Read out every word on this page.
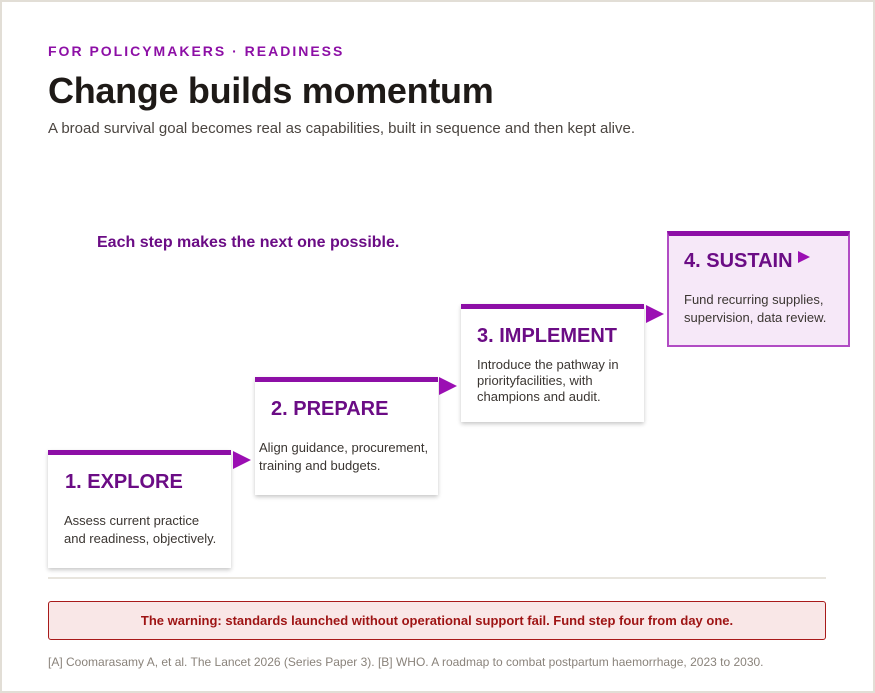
FOR POLICYMAKERS · READINESS
Change builds momentum
A broad survival goal becomes real as capabilities, built in sequence and then kept alive.
Each step makes the next one possible.
1. EXPLORE
Assess current practice
and readiness, objectively.
2. PREPARE
Align guidance, procurement,
training and budgets.
3. IMPLEMENT
Introduce the pathway in
priorityfacilities, with
champions and audit.
4. SUSTAIN
Fund recurring supplies,
supervision, data review.
The warning: standards launched without operational support fail. Fund step four from day one.
[A] Coomarasamy A, et al. The Lancet 2026 (Series Paper 3). [B] WHO. A roadmap to combat postpartum haemorrhage, 2023 to 2030.
